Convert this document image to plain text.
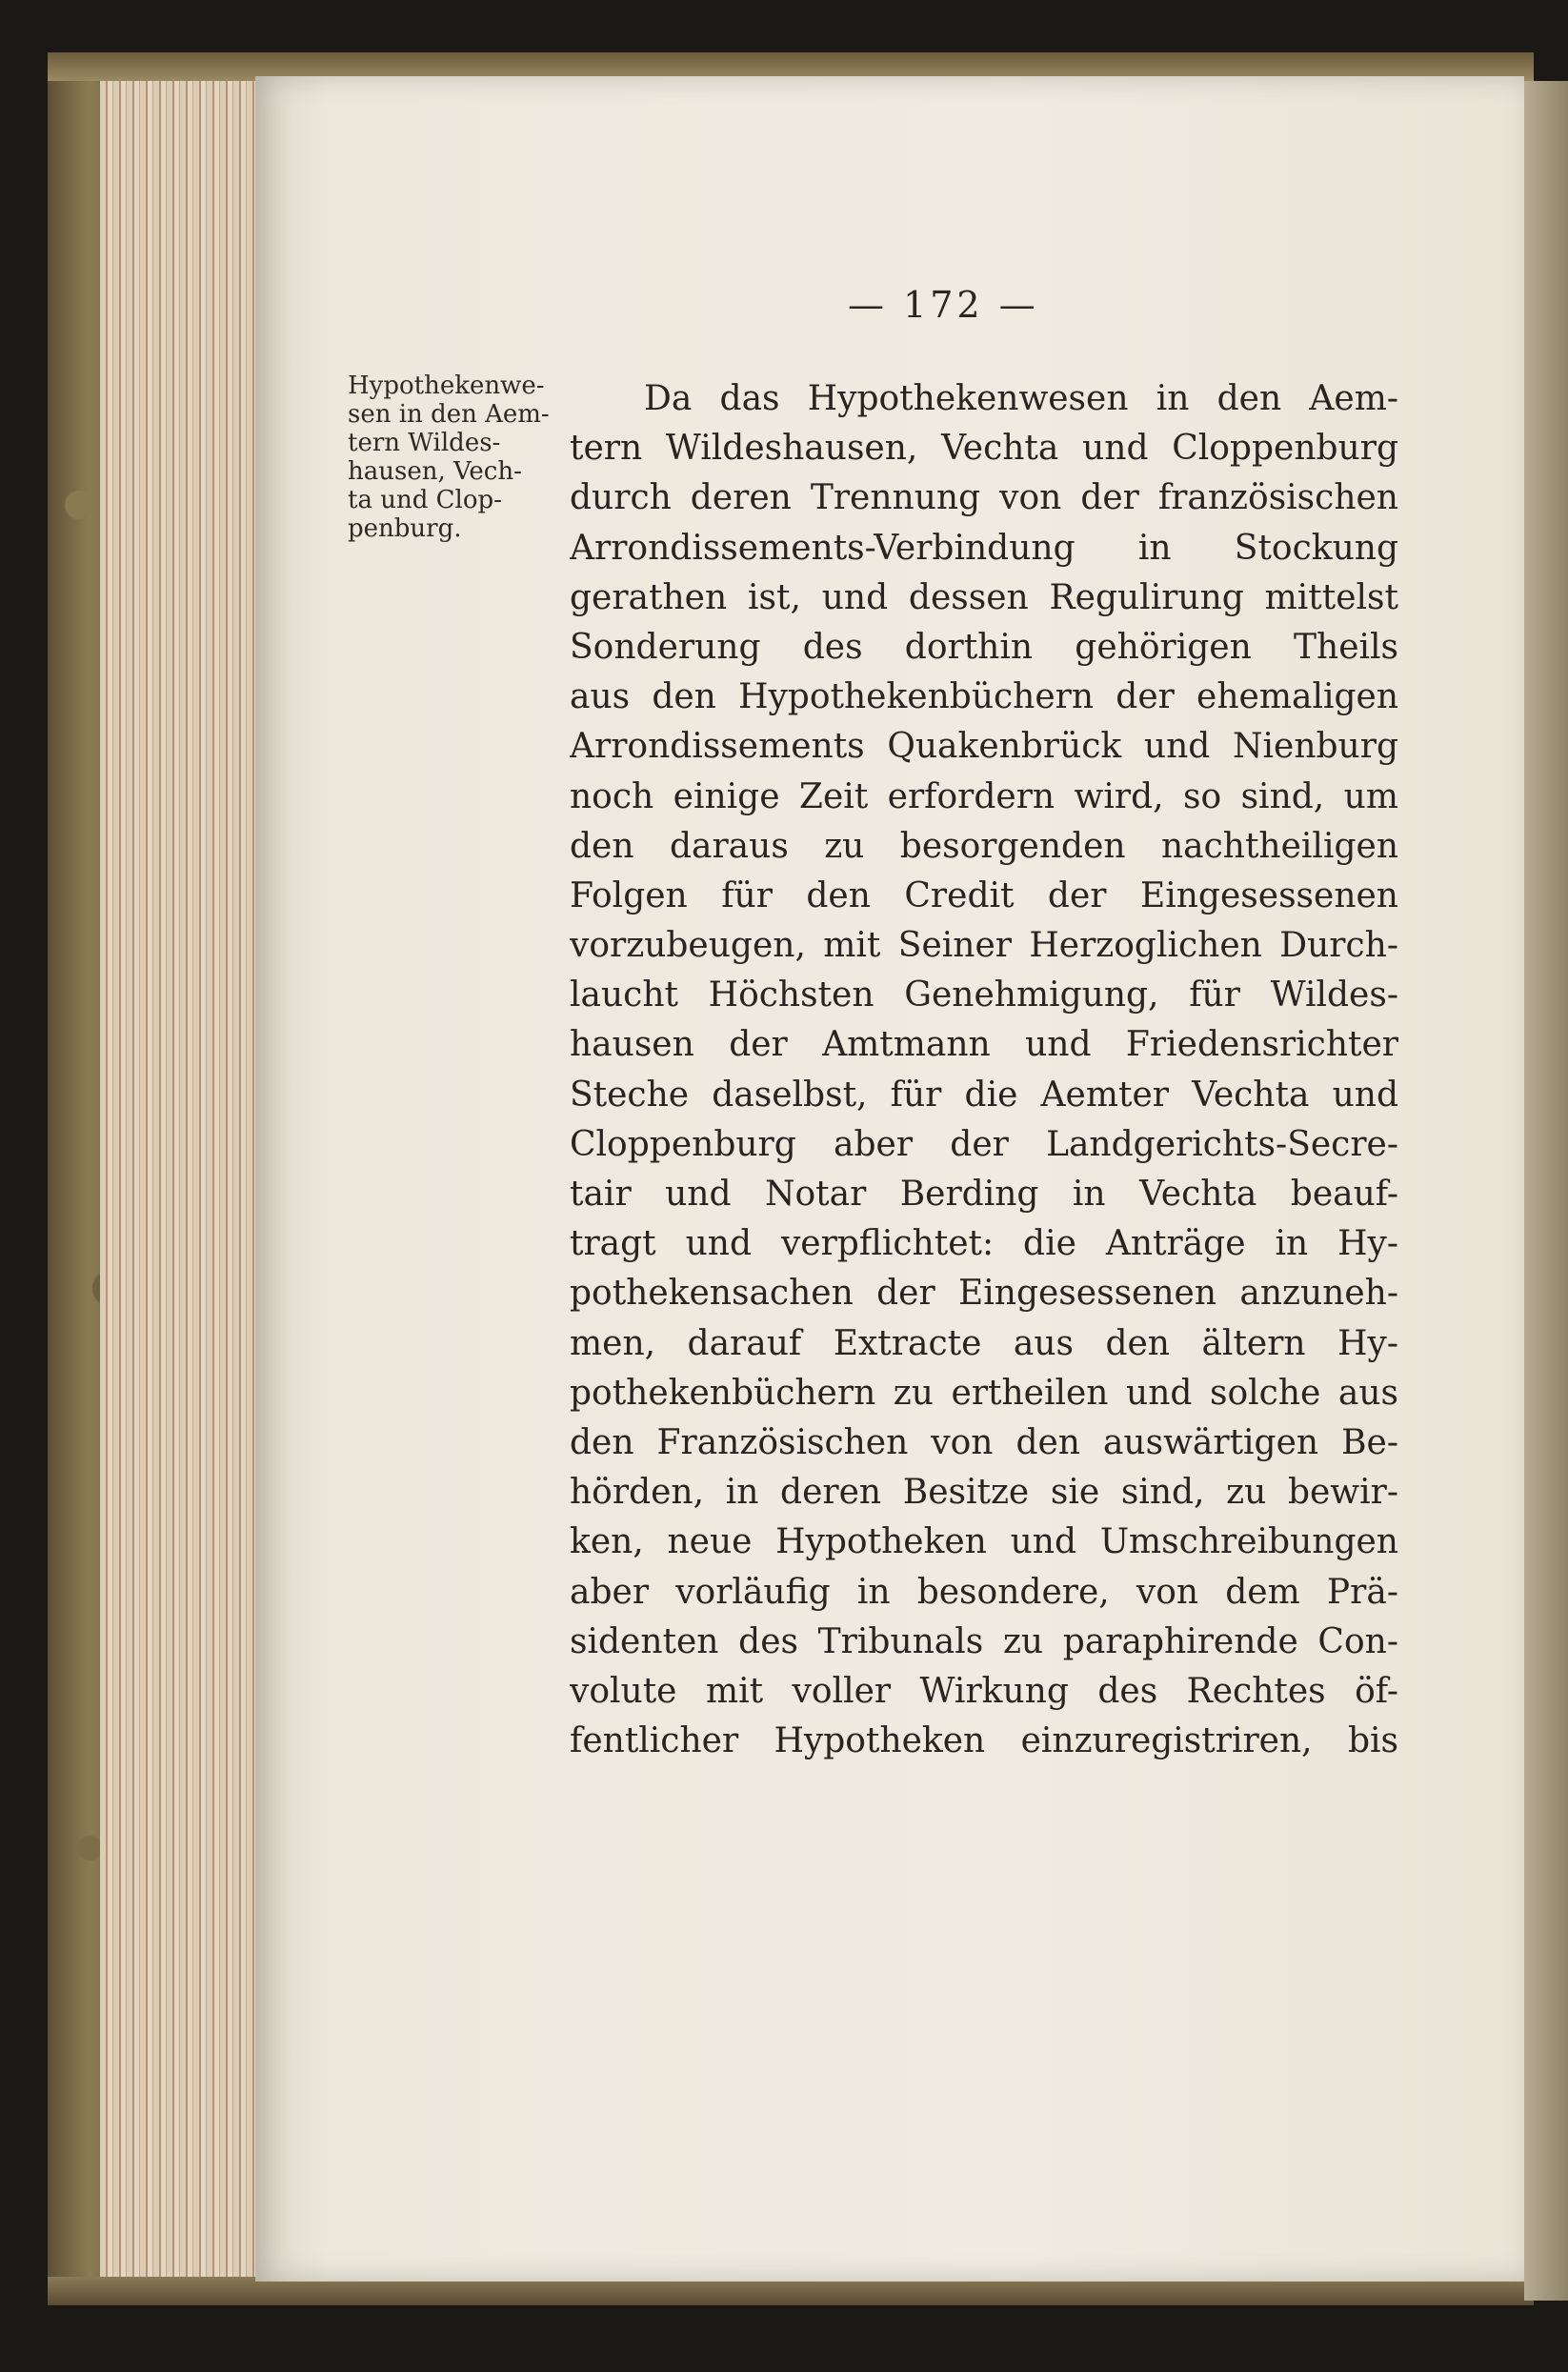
— 172 —
Hypothekenwe-
sen in den Aem-
tern Wildes-
hausen, Vech-
ta und Clop-
penburg.
Da das Hypothekenwesen in den Aem-
tern Wildeshausen, Vechta und Cloppenburg
durch deren Trennung von der französischen
Arrondissements-Verbindung in Stockung
gerathen ist, und dessen Regulirung mittelst
Sonderung des dorthin gehörigen Theils
aus den Hypothekenbüchern der ehemaligen
Arrondissements Quakenbrück und Nienburg
noch einige Zeit erfordern wird, so sind, um
den daraus zu besorgenden nachtheiligen
Folgen für den Credit der Eingesessenen
vorzubeugen, mit Seiner Herzoglichen Durch-
laucht Höchsten Genehmigung, für Wildes-
hausen der Amtmann und Friedensrichter
Steche daselbst, für die Aemter Vechta und
Cloppenburg aber der Landgerichts-Secre-
tair und Notar Berding in Vechta beauf-
tragt und verpflichtet: die Anträge in Hy-
pothekensachen der Eingesessenen anzuneh-
men, darauf Extracte aus den ältern Hy-
pothekenbüchern zu ertheilen und solche aus
den Französischen von den auswärtigen Be-
hörden, in deren Besitze sie sind, zu bewir-
ken, neue Hypotheken und Umschreibungen
aber vorläufig in besondere, von dem Prä-
sidenten des Tribunals zu paraphirende Con-
volute mit voller Wirkung des Rechtes öf-
fentlicher Hypotheken einzuregistriren, bis
